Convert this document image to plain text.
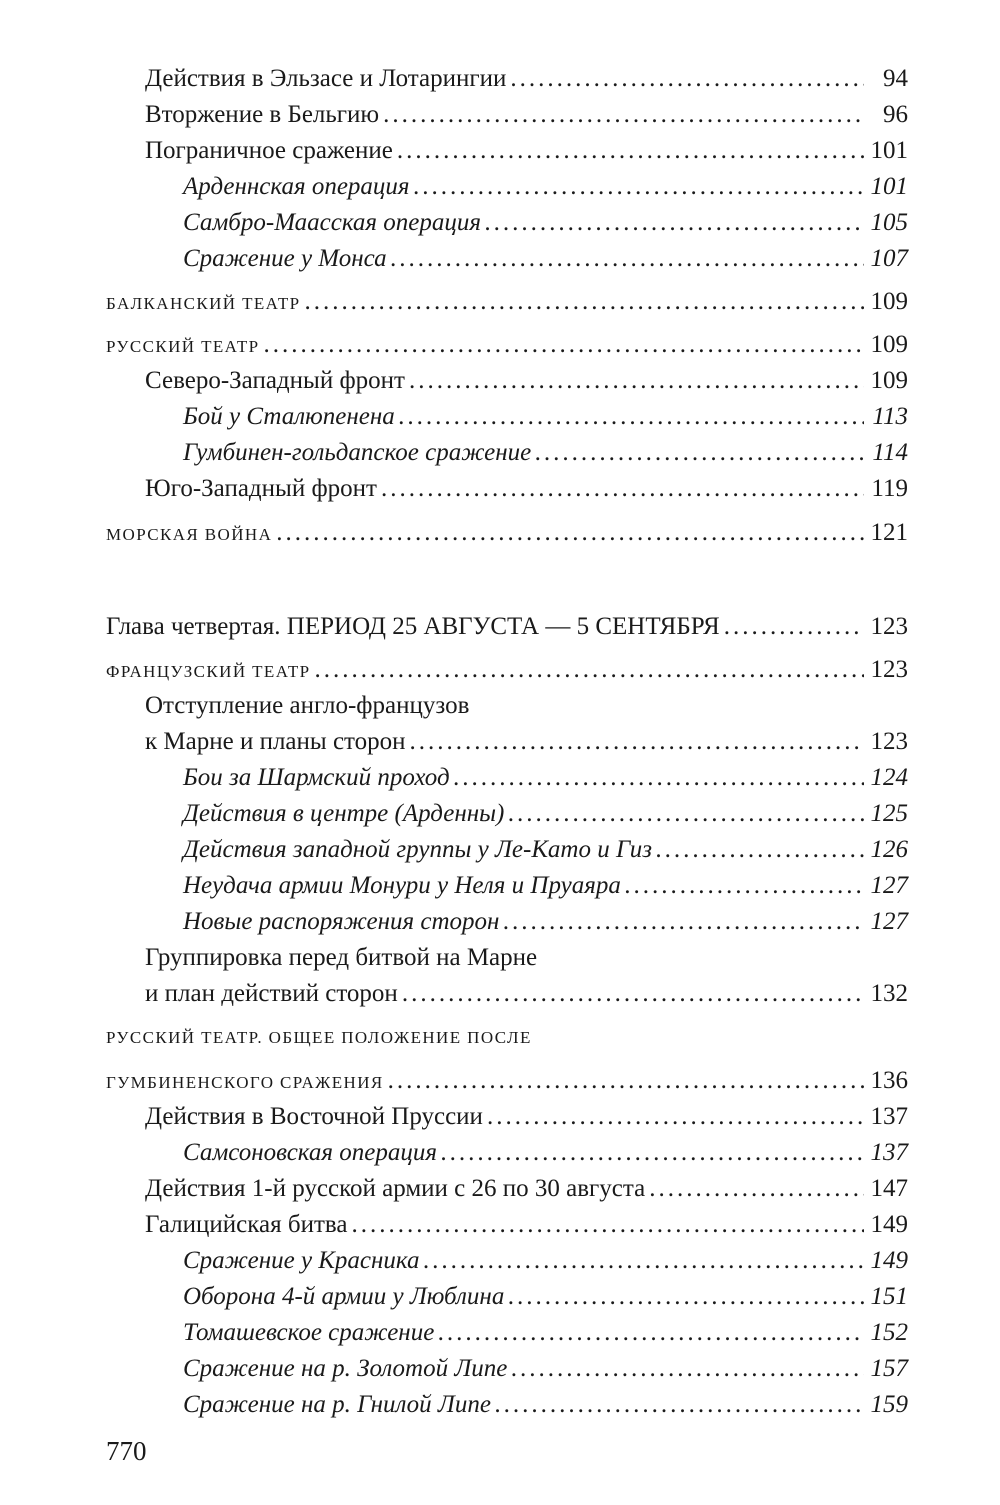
Действия в Эльзасе и Лотарингии .....	94
Вторжение в Бельгию .....	96
Пограничное сражение .....	101
Арденнская операция .....	101
Самбро-Маасская операция .....	105
Сражение у Монса .....	107
БАЛКАНСКИЙ ТЕАТР .....	109
РУССКИЙ ТЕАТР .....	109
Северо-Западный фронт .....	109
Бой у Сталюпенена .....	113
Гумбинен-гольдапское сражение .....	114
Юго-Западный фронт .....	119
МОРСКАЯ ВОЙНА .....	121
Глава четвертая. ПЕРИОД 25 АВГУСТА — 5 СЕНТЯБРЯ .....	123
ФРАНЦУЗСКИЙ ТЕАТР .....	123
Отступление англо-французов
к Марне и планы сторон .....	123
Бои за Шармский проход .....	124
Действия в центре (Арденны) .....	125
Действия западной группы у Ле-Като и Гиз .....	126
Неудача армии Монури у Неля и Пруаяра .....	127
Новые распоряжения сторон .....	127
Группировка перед битвой на Марне
и план действий сторон .....	132
РУССКИЙ ТЕАТР. ОБЩЕЕ ПОЛОЖЕНИЕ ПОСЛЕ
ГУМБИНЕНСКОГО СРАЖЕНИЯ .....	136
Действия в Восточной Пруссии .....	137
Самсоновская операция .....	137
Действия 1-й русской армии с 26 по 30 августа .....	147
Галицийская битва .....	149
Сражение у Красника .....	149
Оборона 4-й армии у Люблина .....	151
Томашевское сражение .....	152
Сражение на р. Золотой Липе .....	157
Сражение на р. Гнилой Липе .....	159
770
